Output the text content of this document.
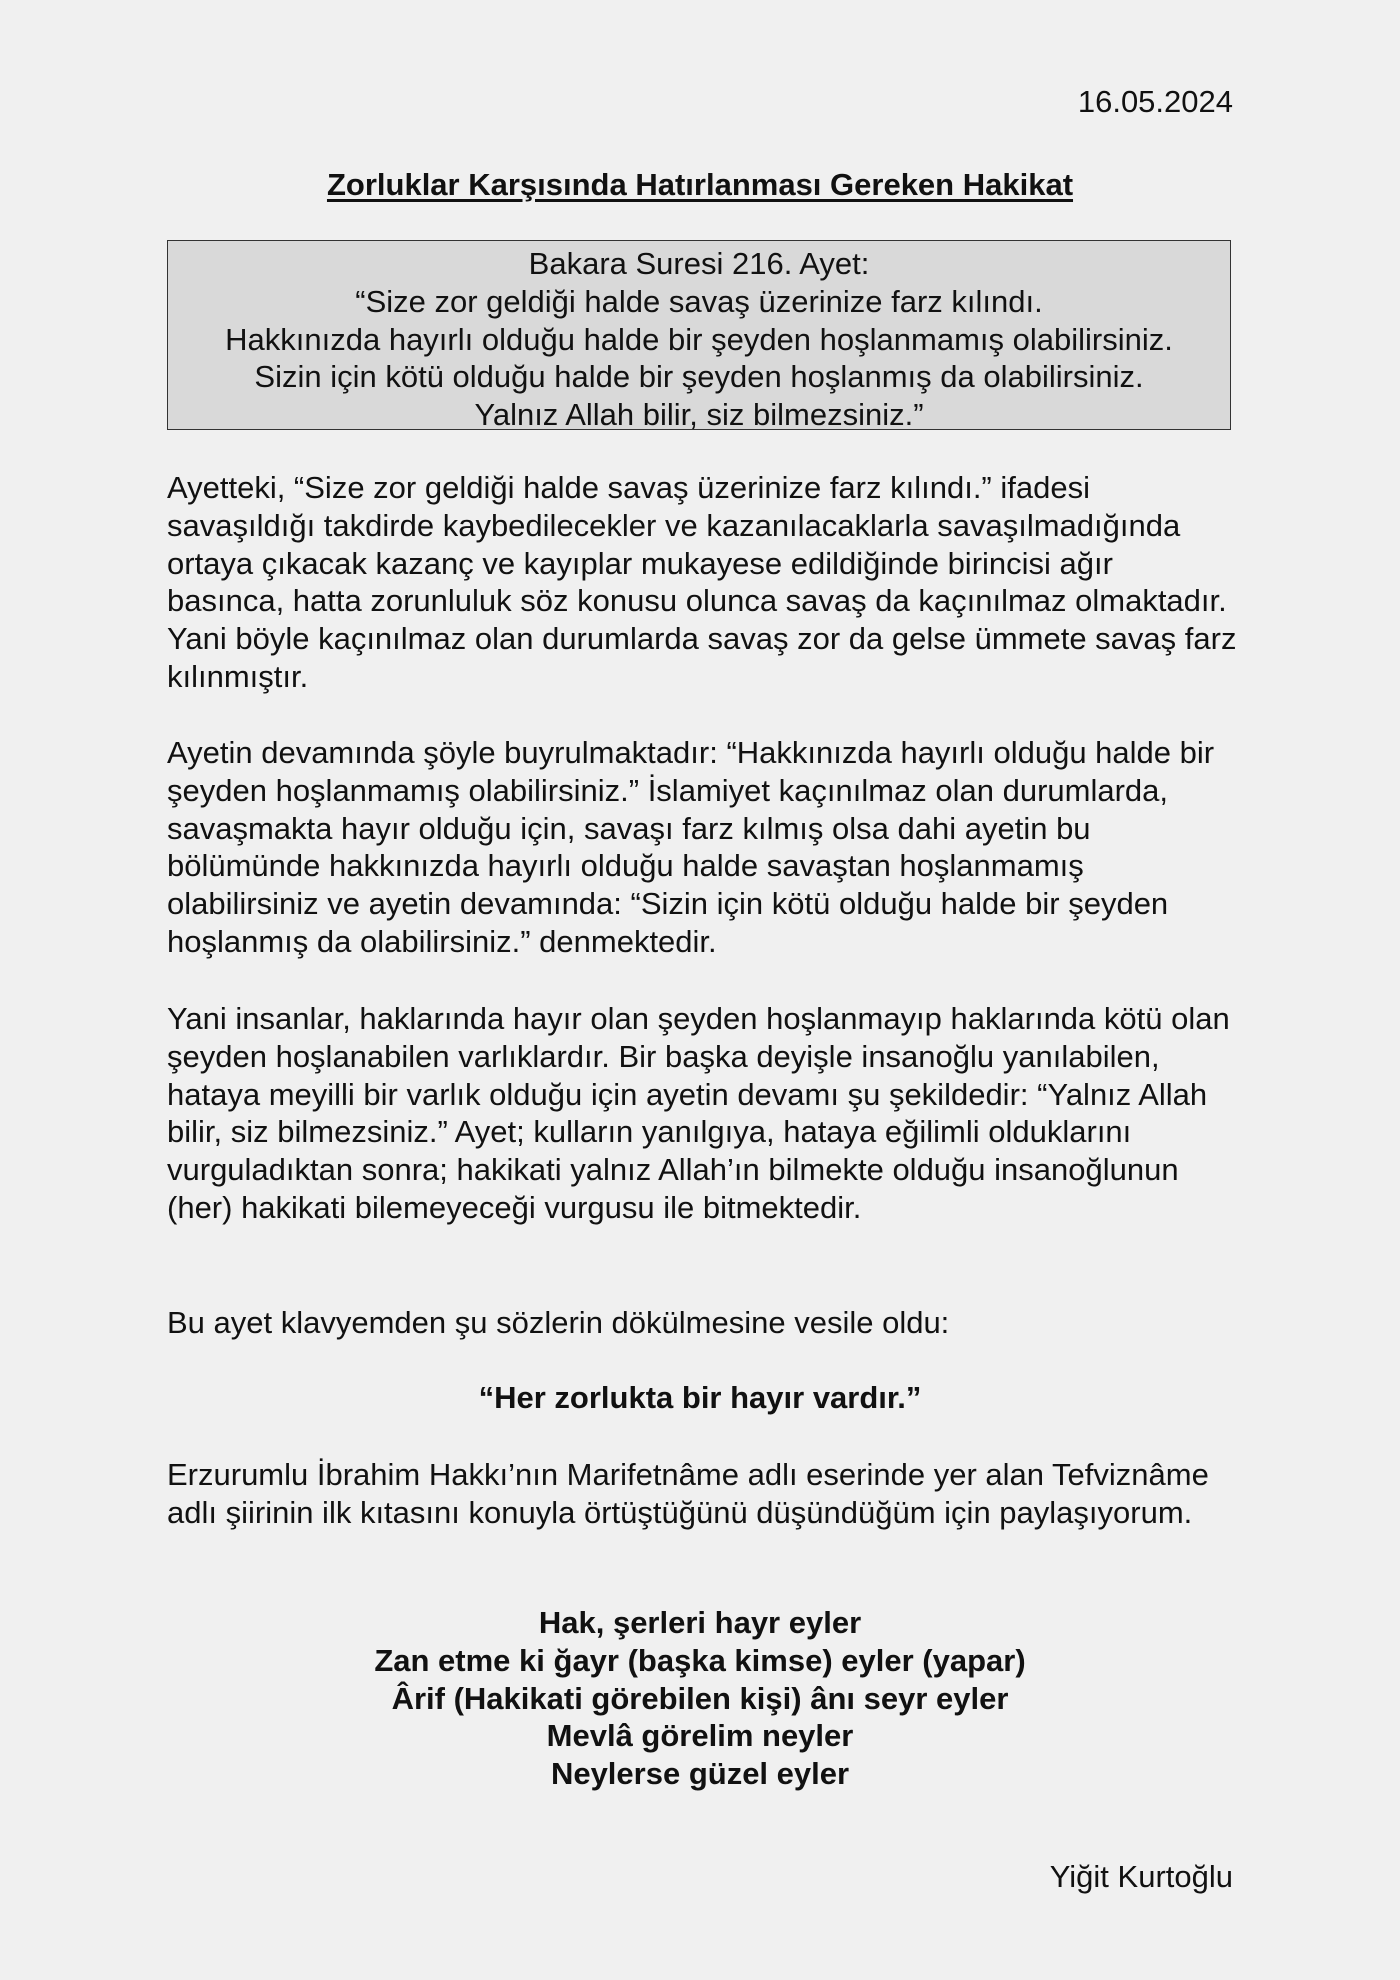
16.05.2024
Zorluklar Karşısında Hatırlanması Gereken Hakikat
Bakara Suresi 216. Ayet:
“Size zor geldiği halde savaş üzerinize farz kılındı.
Hakkınızda hayırlı olduğu halde bir şeyden hoşlanmamış olabilirsiniz.
Sizin için kötü olduğu halde bir şeyden hoşlanmış da olabilirsiniz.
Yalnız Allah bilir, siz bilmezsiniz.”

Ayetteki, “Size zor geldiği halde savaş üzerinize farz kılındı.” ifadesi savaşıldığı takdirde kaybedilecekler ve kazanılacaklarla savaşılmadığında ortaya çıkacak kazanç ve kayıplar mukayese edildiğinde birincisi ağır basınca, hatta zorunluluk söz konusu olunca savaş da kaçınılmaz olmaktadır. Yani böyle kaçınılmaz olan durumlarda savaş zor da gelse ümmete savaş farz kılınmıştır.

Ayetin devamında şöyle buyrulmaktadır: “Hakkınızda hayırlı olduğu halde bir şeyden hoşlanmamış olabilirsiniz.” İslamiyet kaçınılmaz olan durumlarda, savaşmakta hayır olduğu için, savaşı farz kılmış olsa dahi ayetin bu bölümünde hakkınızda hayırlı olduğu halde savaştan hoşlanmamış olabilirsiniz ve ayetin devamında: “Sizin için kötü olduğu halde bir şeyden hoşlanmış da olabilirsiniz.” denmektedir.

Yani insanlar, haklarında hayır olan şeyden hoşlanmayıp haklarında kötü olan şeyden hoşlanabilen varlıklardır. Bir başka deyişle insanoğlu yanılabilen, hataya meyilli bir varlık olduğu için ayetin devamı şu şekildedir: “Yalnız Allah bilir, siz bilmezsiniz.” Ayet; kulların yanılgıya, hataya eğilimli olduklarını vurguladıktan sonra; hakikati yalnız Allah’ın bilmekte olduğu insanoğlunun (her) hakikati bilemeyeceği vurgusu ile bitmektedir.

Bu ayet klavyemden şu sözlerin dökülmesine vesile oldu:

“Her zorlukta bir hayır vardır.”

Erzurumlu İbrahim Hakkı’nın Marifetnâme adlı eserinde yer alan Tefviznâme adlı şiirinin ilk kıtasını konuyla örtüştüğünü düşündüğüm için paylaşıyorum.

Hak, şerleri hayr eyler
Zan etme ki ğayr (başka kimse) eyler (yapar)
Ârif (Hakikati görebilen kişi) ânı seyr eyler
Mevlâ görelim neyler
Neylerse güzel eyler
Yiğit Kurtoğlu
